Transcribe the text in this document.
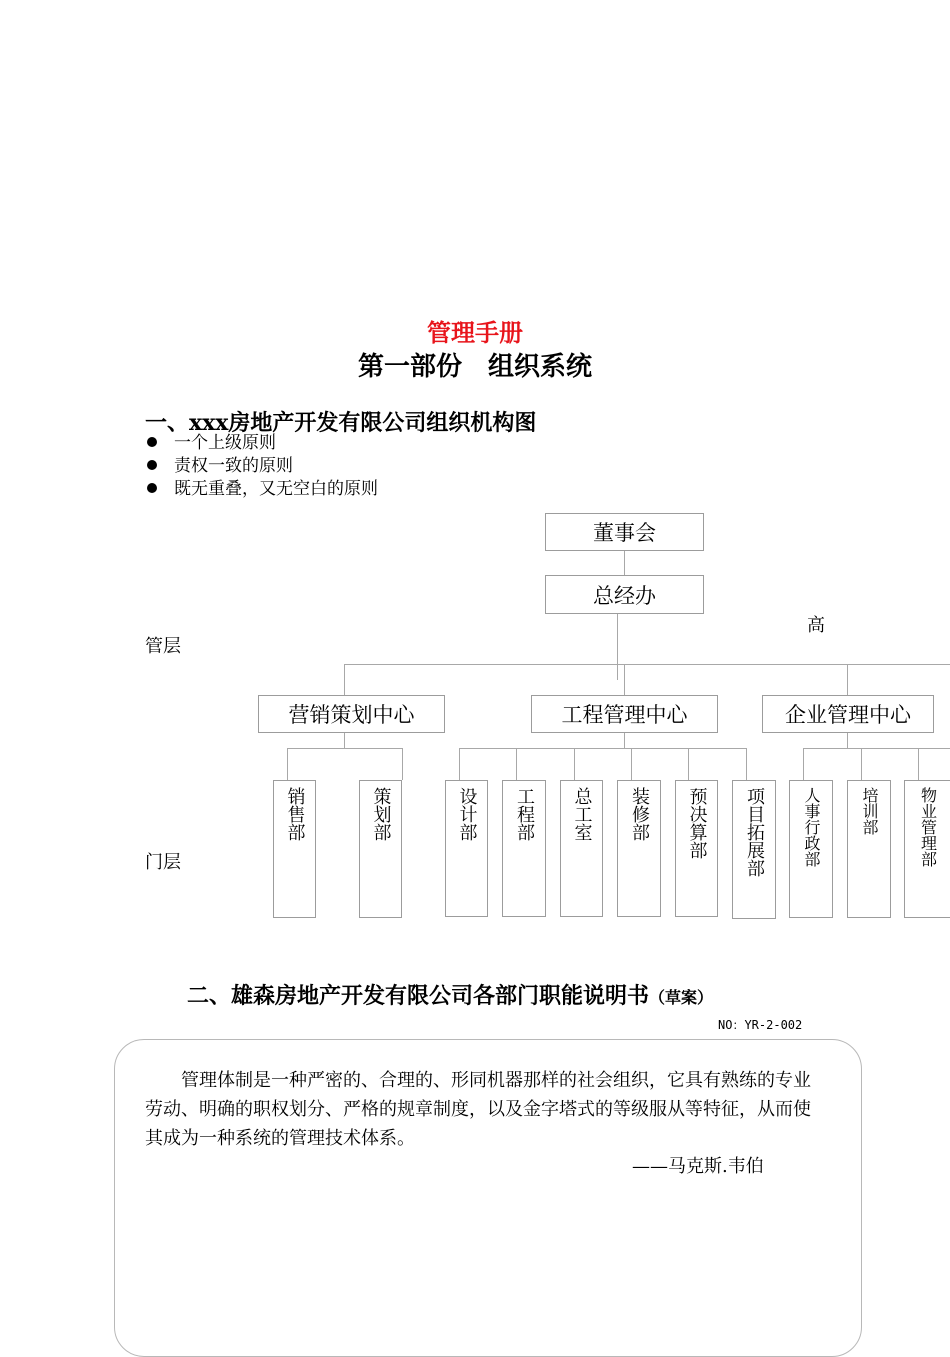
管理手册
第一部份　组织系统
一、xxx房地产开发有限公司组织机构图
一个上级原则
责权一致的原则
既无重叠，又无空白的原则
高
管层
门层
董事会
总经办
营销策划中心	工程管理中心	企业管理中心
销售部	策划部	设计部 工程部 总工室 装修部 预决算部 项目拓展部 人事行政部 培训部 物业管理部
二、雄森房地产开发有限公司各部门职能说明书（草案）
NO：YR-2-002
管理体制是一种严密的、合理的、形同机器那样的社会组织，它具有熟练的专业劳动、明确的职权划分、严格的规章制度，以及金字塔式的等级服从等特征，从而使其成为一种系统的管理技术体系。
——马克斯.韦伯
